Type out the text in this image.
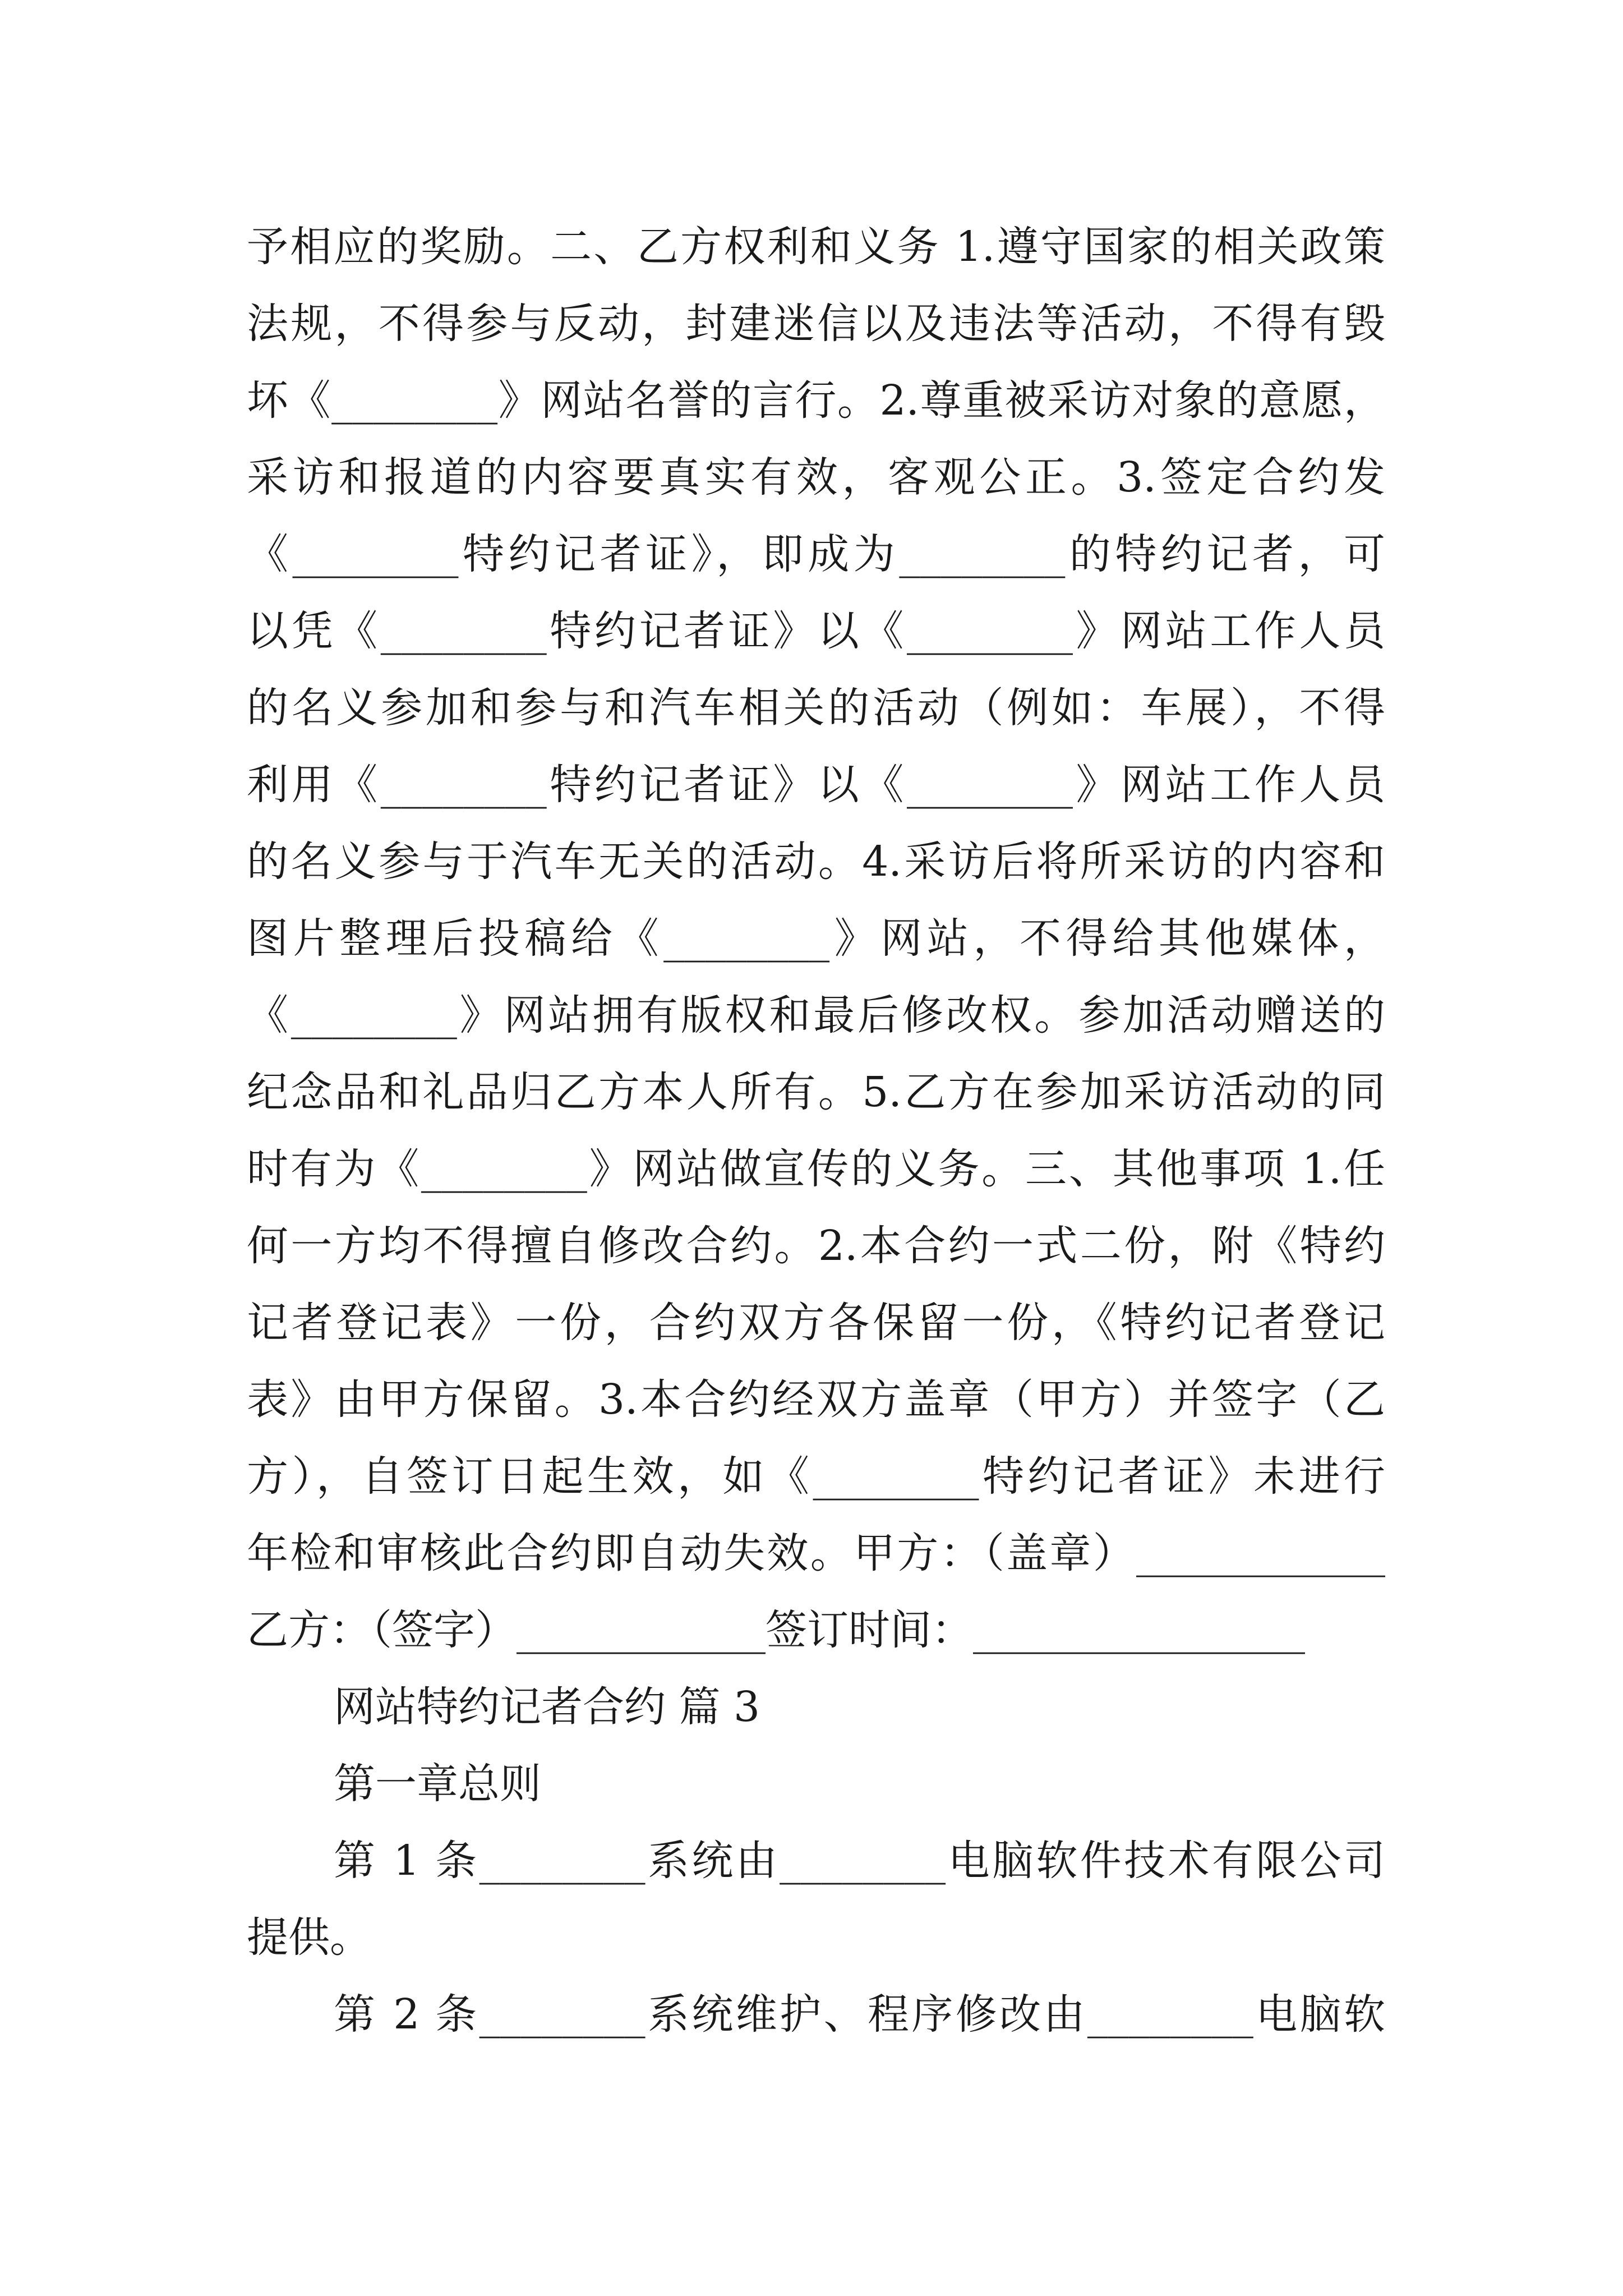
予相应的奖励。二、乙方权利和义务 1.遵守国家的相关政策
法规，不得参与反动，封建迷信以及违法等活动，不得有毁
坏《________》网站名誉的言行。2.尊重被采访对象的意愿，
采访和报道的内容要真实有效，客观公正。3.签定合约发
《________特约记者证》，即成为________的特约记者，可
以凭《________特约记者证》以《________》网站工作人员
的名义参加和参与和汽车相关的活动（例如：车展），不得
利用《________特约记者证》以《________》网站工作人员
的名义参与于汽车无关的活动。4.采访后将所采访的内容和
图片整理后投稿给《________》网站，不得给其他媒体，
《________》网站拥有版权和最后修改权。参加活动赠送的
纪念品和礼品归乙方本人所有。5.乙方在参加采访活动的同
时有为《________》网站做宣传的义务。三、其他事项 1.任
何一方均不得擅自修改合约。2.本合约一式二份，附《特约
记者登记表》一份，合约双方各保留一份，《特约记者登记
表》由甲方保留。3.本合约经双方盖章（甲方）并签字（乙
方），自签订日起生效，如《________特约记者证》未进行
年检和审核此合约即自动失效。甲方：（盖章）____________
乙方：（签字）____________签订时间：________________
网站特约记者合约 篇 3
第一章总则
第 1 条________系统由________电脑软件技术有限公司
提供。
第 2 条________系统维护、程序修改由________电脑软
